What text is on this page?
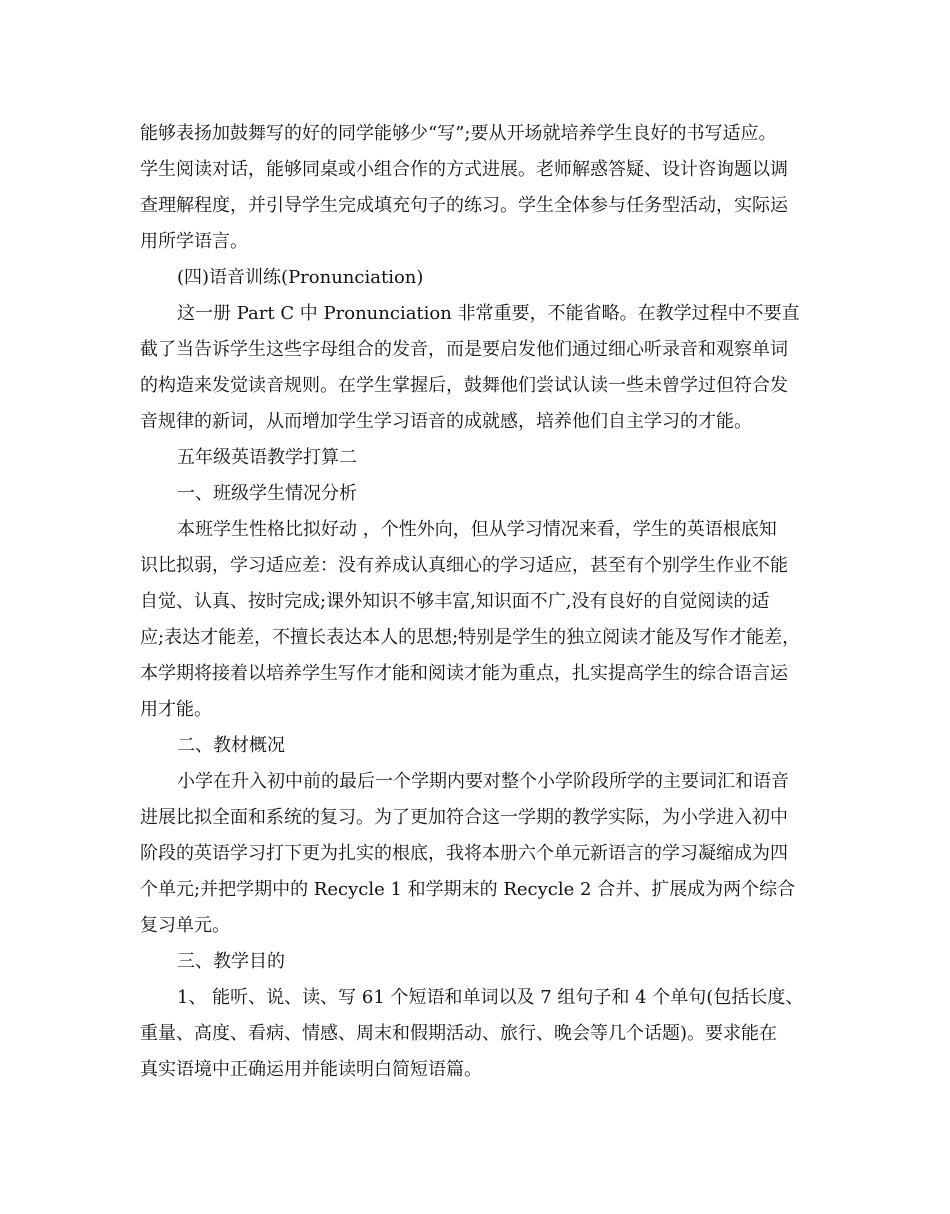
能够表扬加鼓舞写的好的同学能够少“写”;要从开场就培养学生良好的书写适应。
学生阅读对话，能够同桌或小组合作的方式进展。老师解惑答疑、设计咨询题以调
查理解程度，并引导学生完成填充句子的练习。学生全体参与任务型活动，实际运
用所学语言。
(四)语音训练(Pronunciation)
这一册 Part C 中 Pronunciation 非常重要，不能省略。在教学过程中不要直
截了当告诉学生这些字母组合的发音，而是要启发他们通过细心听录音和观察单词
的构造来发觉读音规则。在学生掌握后，鼓舞他们尝试认读一些未曾学过但符合发
音规律的新词，从而增加学生学习语音的成就感，培养他们自主学习的才能。
五年级英语教学打算二
一、班级学生情况分析
本班学生性格比拟好动 ，个性外向，但从学习情况来看，学生的英语根底知
识比拟弱，学习适应差：没有养成认真细心的学习适应，甚至有个别学生作业不能
自觉、认真、按时完成;课外知识不够丰富,知识面不广,没有良好的自觉阅读的适
应;表达才能差，不擅长表达本人的思想;特别是学生的独立阅读才能及写作才能差，
本学期将接着以培养学生写作才能和阅读才能为重点，扎实提高学生的综合语言运
用才能。
二、教材概况
小学在升入初中前的最后一个学期内要对整个小学阶段所学的主要词汇和语音
进展比拟全面和系统的复习。为了更加符合这一学期的教学实际，为小学进入初中
阶段的英语学习打下更为扎实的根底，我将本册六个单元新语言的学习凝缩成为四
个单元;并把学期中的 Recycle 1 和学期末的 Recycle 2 合并、扩展成为两个综合
复习单元。
三、教学目的
1、 能听、说、读、写 61 个短语和单词以及 7 组句子和 4 个单句(包括长度、
重量、高度、看病、情感、周末和假期活动、旅行、晚会等几个话题)。要求能在
真实语境中正确运用并能读明白简短语篇。
